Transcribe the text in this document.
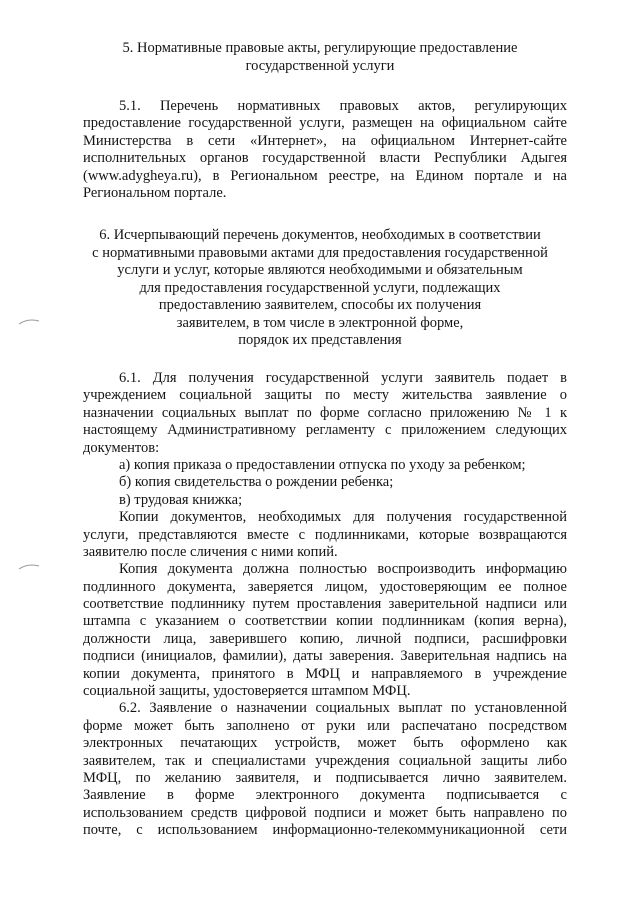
5. Нормативные правовые акты, регулирующие предоставление
государственной услуги
5.1. Перечень нормативных правовых актов, регулирующих
предоставление государственной услуги, размещен на официальном сайте
Министерства в сети «Интернет», на официальном Интернет-сайте
исполнительных органов государственной власти Республики Адыгея
(www.adygheya.ru), в Региональном реестре, на Едином портале и на
Региональном портале.
6. Исчерпывающий перечень документов, необходимых в соответствии
с нормативными правовыми актами для предоставления государственной
услуги и услуг, которые являются необходимыми и обязательным
для предоставления государственной услуги, подлежащих
предоставлению заявителем, способы их получения
заявителем, в том числе в электронной форме,
порядок их представления
6.1. Для получения государственной услуги заявитель подает в
учреждением социальной защиты по месту жительства заявление о
назначении социальных выплат по форме согласно приложению № 1 к
настоящему Административному регламенту с приложением следующих
документов:
а) копия приказа о предоставлении отпуска по уходу за ребенком;
б) копия свидетельства о рождении ребенка;
в) трудовая книжка;
Копии документов, необходимых для получения государственной
услуги, представляются вместе с подлинниками, которые возвращаются
заявителю после сличения с ними копий.
Копия документа должна полностью воспроизводить информацию
подлинного документа, заверяется лицом, удостоверяющим ее полное
соответствие подлиннику путем проставления заверительной надписи или
штампа с указанием о соответствии копии подлинникам (копия верна),
должности лица, заверившего копию, личной подписи, расшифровки
подписи (инициалов, фамилии), даты заверения. Заверительная надпись на
копии документа, принятого в МФЦ и направляемого в учреждение
социальной защиты, удостоверяется штампом МФЦ.
6.2. Заявление о назначении социальных выплат по установленной
форме может быть заполнено от руки или распечатано посредством
электронных печатающих устройств, может быть оформлено как
заявителем, так и специалистами учреждения социальной защиты либо
МФЦ, по желанию заявителя, и подписывается лично заявителем.
Заявление в форме электронного документа подписывается с
использованием средств цифровой подписи и может быть направлено по
почте, с использованием информационно-телекоммуникационной сети
